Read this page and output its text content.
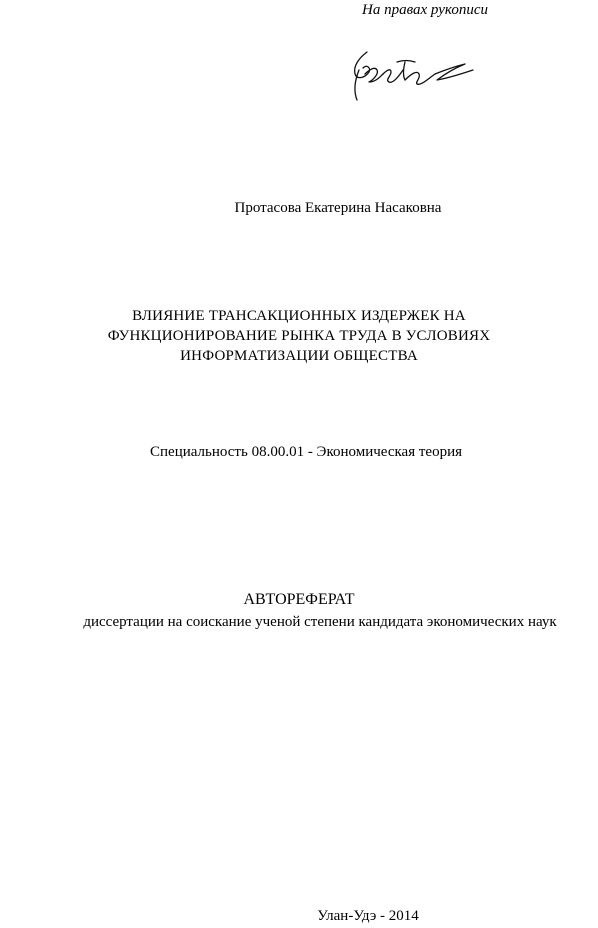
На правах рукописи
Протасова Екатерина Насаковна
ВЛИЯНИЕ ТРАНСАКЦИОННЫХ ИЗДЕРЖЕК НА
ФУНКЦИОНИРОВАНИЕ РЫНКА ТРУДА В УСЛОВИЯХ
ИНФОРМАТИЗАЦИИ ОБЩЕСТВА
Специальность 08.00.01 - Экономическая теория
АВТОРЕФЕРАТ
диссертации на соискание ученой степени кандидата экономических наук
Улан-Удэ - 2014
